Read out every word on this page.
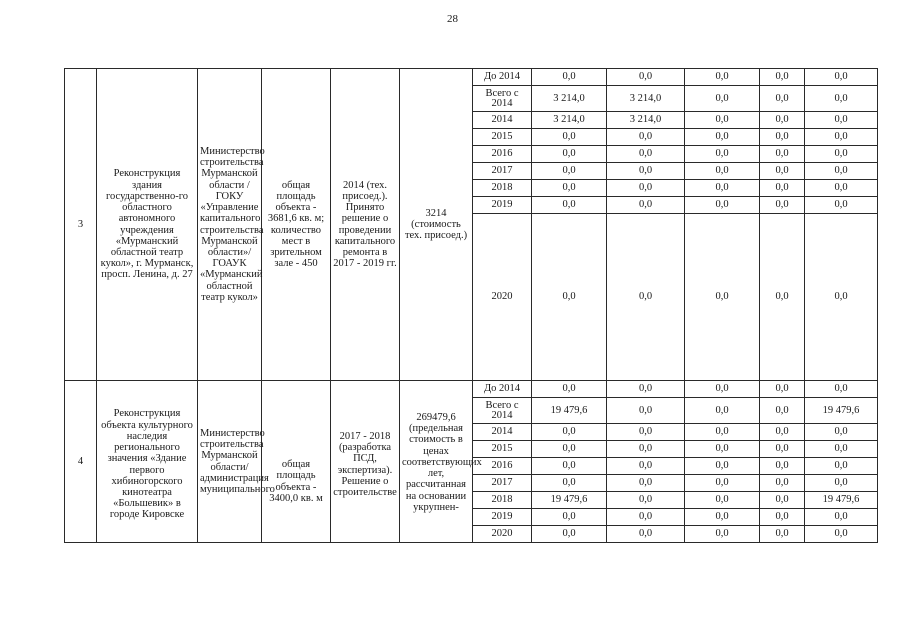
28
3	Реконструкция здания государственно-го областного автономного учреждения «Мурманский областной театр кукол», г. Мурманск, просп. Ленина, д. 27	Министерство строительства Мурманской области /ГОКУ «Управление капитального строительства Мурманской области»/ ГОАУК «Мурманский областной театр кукол»	общая площадь объекта - 3681,6 кв. м; количество мест в зрительном зале - 450	2014 (тех. присоед.). Принято решение о проведении капитального ремонта в 2017 - 2019 гг.	3214 (стоимость тех. присоед.)	До 2014	0,0	0,0	0,0	0,0	0,0
						Всего с 2014	3 214,0	3 214,0	0,0	0,0	0,0
						2014	3 214,0	3 214,0	0,0	0,0	0,0
						2015	0,0	0,0	0,0	0,0	0,0
						2016	0,0	0,0	0,0	0,0	0,0
						2017	0,0	0,0	0,0	0,0	0,0
						2018	0,0	0,0	0,0	0,0	0,0
						2019	0,0	0,0	0,0	0,0	0,0
						2020	0,0	0,0	0,0	0,0	0,0
4	Реконструкция объекта культурного наследия регионального значения «Здание первого хибиногорского кинотеатра «Большевик» в городе Кировске	Министерство строительства Мурманской области/ администрация муниципального	общая площадь объекта - 3400,0 кв. м	2017 - 2018 (разработка ПСД, экспертиза). Решение о строительстве	269479,6 (предельная стоимость в ценах соответствующих лет, рассчитанная на основании укрупнен-	До 2014	0,0	0,0	0,0	0,0	0,0
						Всего с 2014	19 479,6	0,0	0,0	0,0	19 479,6
						2014	0,0	0,0	0,0	0,0	0,0
						2015	0,0	0,0	0,0	0,0	0,0
						2016	0,0	0,0	0,0	0,0	0,0
						2017	0,0	0,0	0,0	0,0	0,0
						2018	19 479,6	0,0	0,0	0,0	19 479,6
						2019	0,0	0,0	0,0	0,0	0,0
						2020	0,0	0,0	0,0	0,0	0,0
